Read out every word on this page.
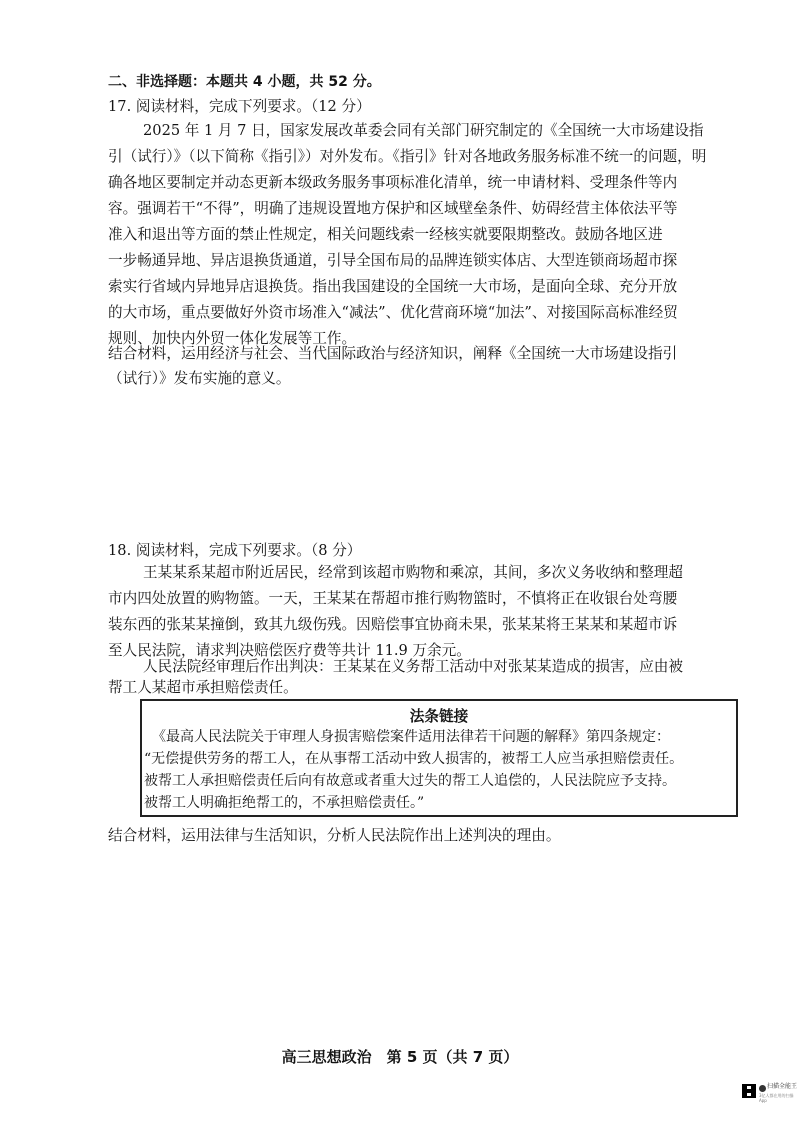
二、非选择题：本题共 4 小题，共 52 分。
17. 阅读材料，完成下列要求。（12 分）
2025 年 1 月 7 日，国家发展改革委会同有关部门研究制定的《全国统一大市场建设指
引（试行）》（以下简称《指引》）对外发布。《指引》针对各地政务服务标准不统一的问题，明
确各地区要制定并动态更新本级政务服务事项标准化清单，统一申请材料、受理条件等内
容。强调若干“不得”，明确了违规设置地方保护和区域壁垒条件、妨碍经营主体依法平等
准入和退出等方面的禁止性规定，相关问题线索一经核实就要限期整改。鼓励各地区进
一步畅通异地、异店退换货通道，引导全国布局的品牌连锁实体店、大型连锁商场超市探
索实行省域内异地异店退换货。指出我国建设的全国统一大市场，是面向全球、充分开放
的大市场，重点要做好外资市场准入“减法”、优化营商环境“加法”、对接国际高标准经贸
规则、加快内外贸一体化发展等工作。
结合材料，运用经济与社会、当代国际政治与经济知识，阐释《全国统一大市场建设指引
（试行）》发布实施的意义。
18. 阅读材料，完成下列要求。（8 分）
王某某系某超市附近居民，经常到该超市购物和乘凉，其间，多次义务收纳和整理超
市内四处放置的购物篮。一天，王某某在帮超市推行购物篮时，不慎将正在收银台处弯腰
装东西的张某某撞倒，致其九级伤残。因赔偿事宜协商未果，张某某将王某某和某超市诉
至人民法院，请求判决赔偿医疗费等共计 11.9 万余元。
人民法院经审理后作出判决：王某某在义务帮工活动中对张某某造成的损害，应由被
帮工人某超市承担赔偿责任。
法条链接
《最高人民法院关于审理人身损害赔偿案件适用法律若干问题的解释》第四条规定：
“无偿提供劳务的帮工人，在从事帮工活动中致人损害的，被帮工人应当承担赔偿责任。
被帮工人承担赔偿责任后向有故意或者重大过失的帮工人追偿的，人民法院应予支持。
被帮工人明确拒绝帮工的，不承担赔偿责任。”
结合材料，运用法律与生活知识，分析人民法院作出上述判决的理由。
高三思想政治　第 5 页（共 7 页）
扫描全能王
3亿人都在用的扫描App
